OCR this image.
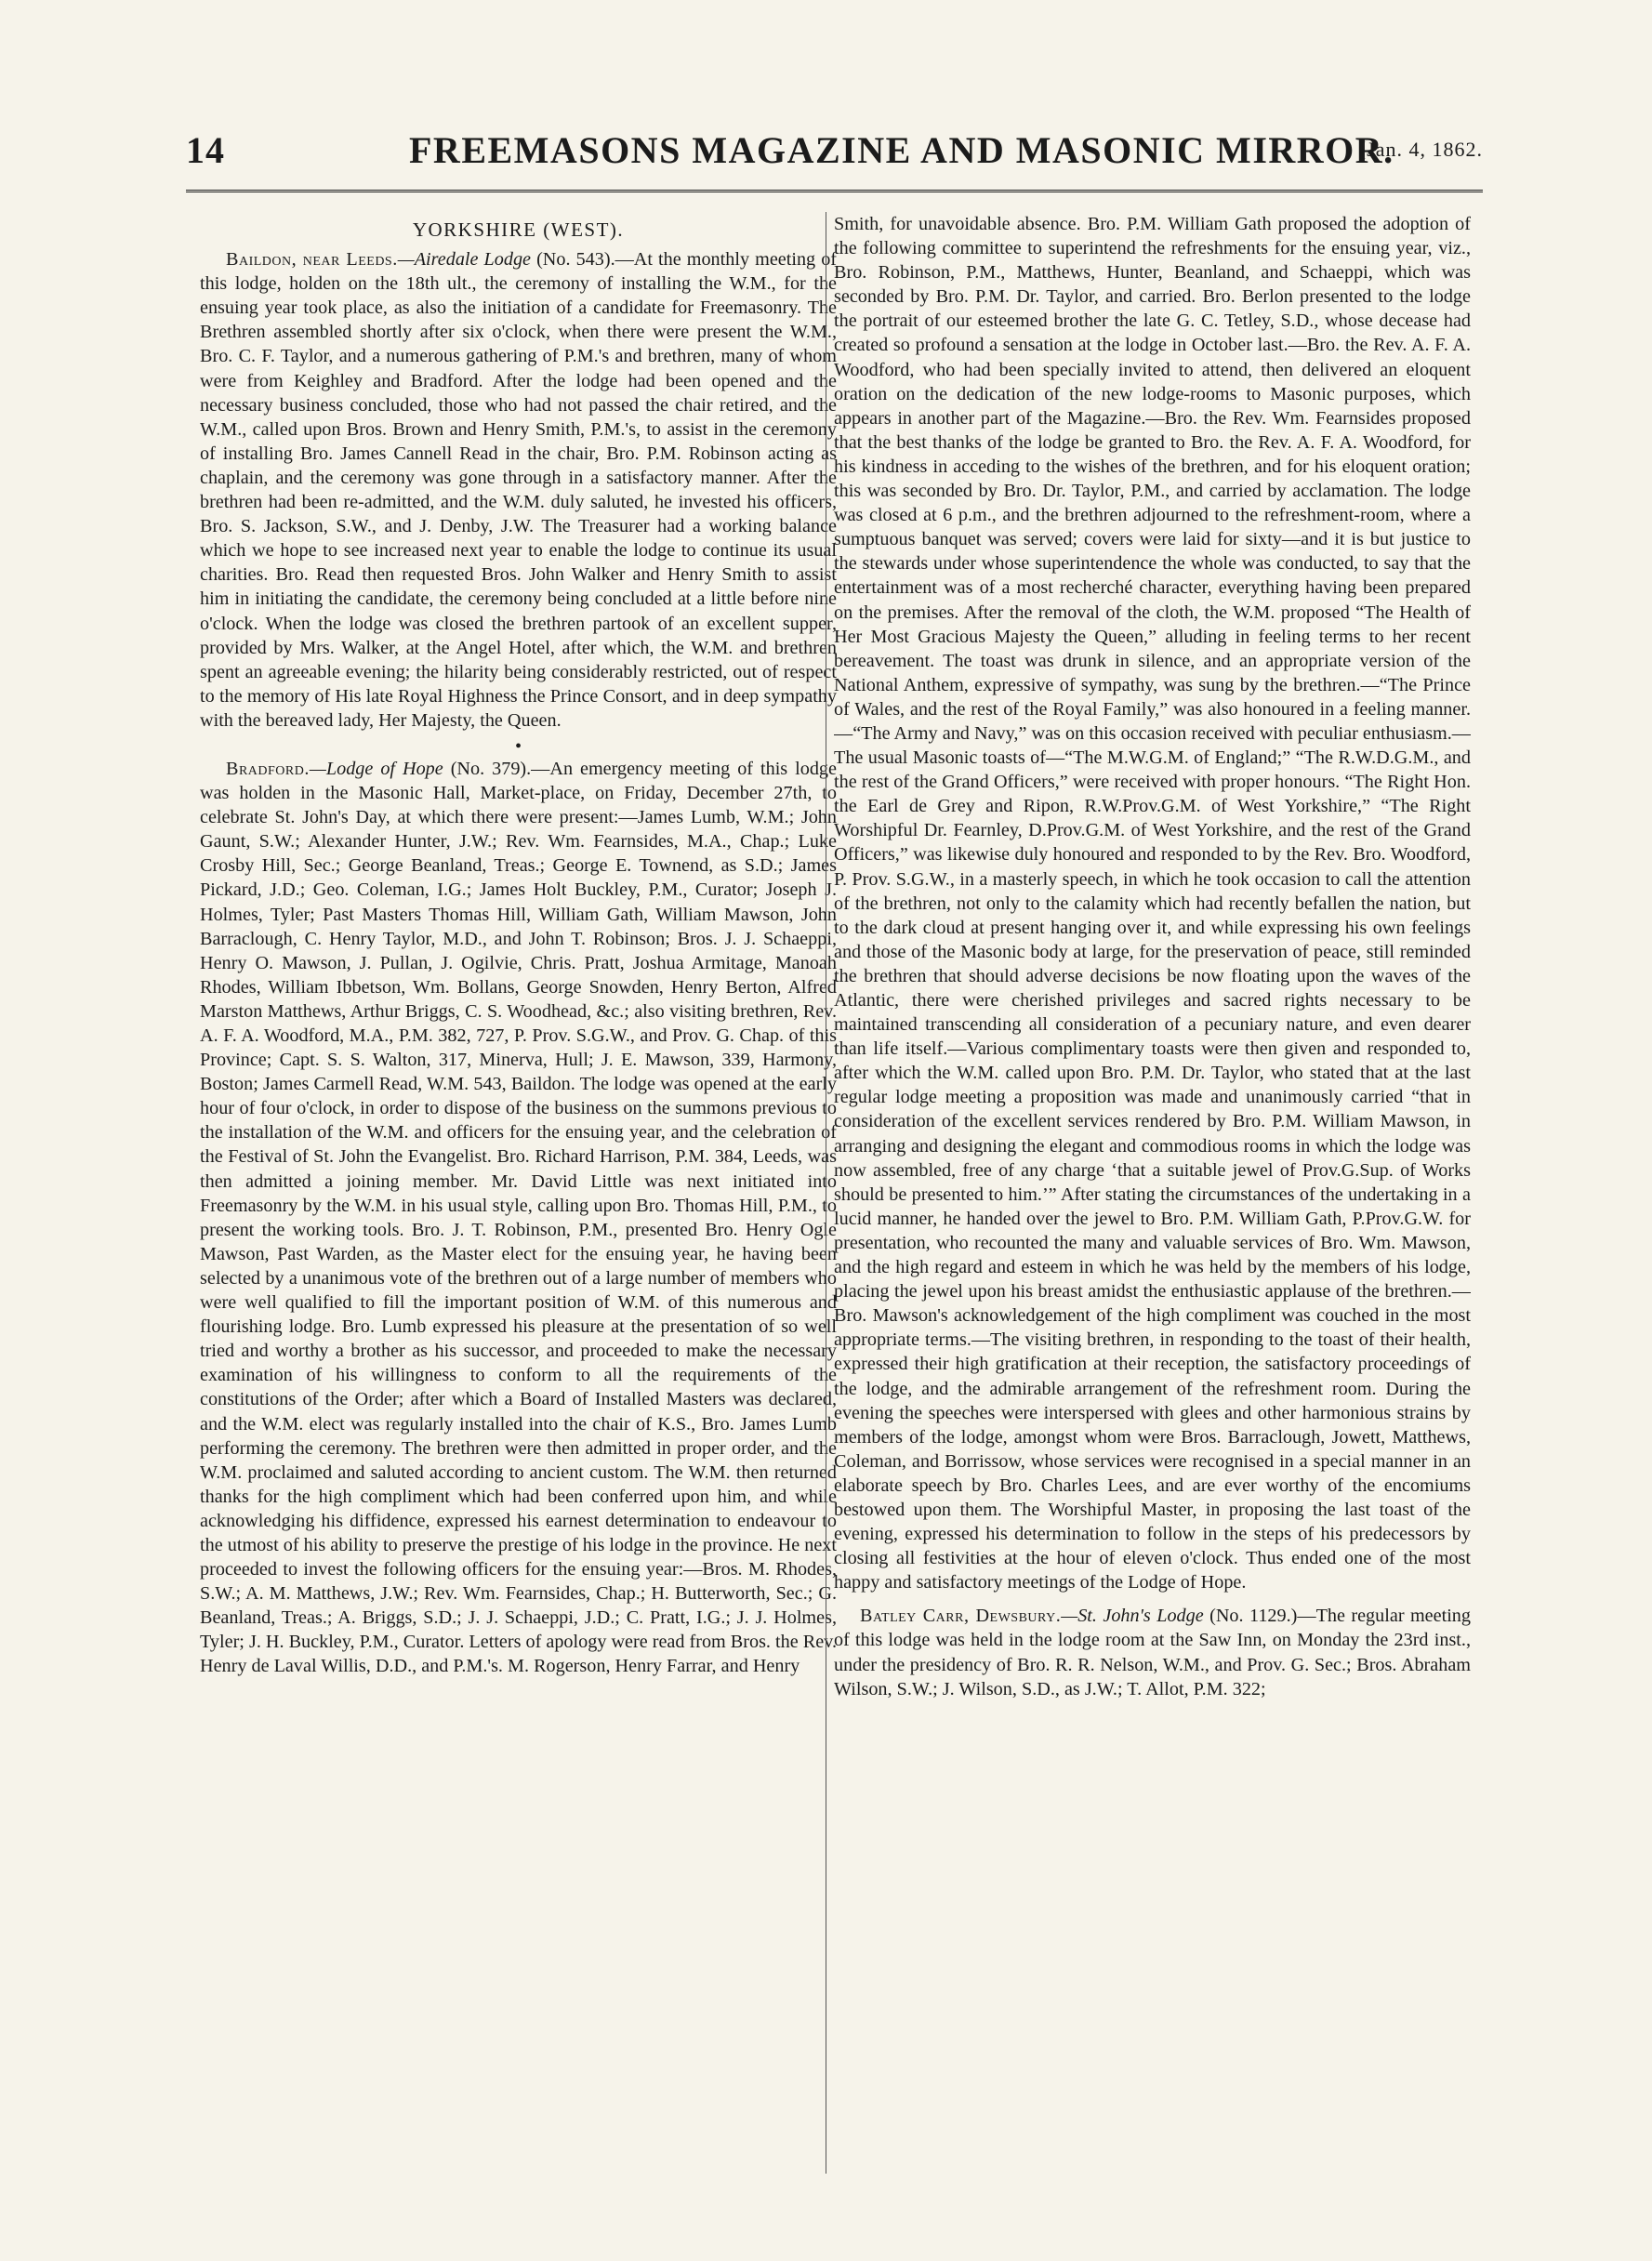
14	FREEMASONS MAGAZINE AND MASONIC MIRROR.
[Jan. 4, 1862.
YORKSHIRE (WEST).

Baildon, near Leeds.—Airedale Lodge (No. 543).—At the monthly meeting of this lodge, holden on the 18th ult., the ceremony of installing the W.M., for the ensuing year took place, as also the initiation of a candidate for Freemasonry. The Brethren assembled shortly after six o'clock, when there were present the W.M., Bro. C. F. Taylor, and a numerous gathering of P.M.'s and brethren, many of whom were from Keighley and Bradford. After the lodge had been opened and the necessary business concluded, those who had not passed the chair retired, and the W.M., called upon Bros. Brown and Henry Smith, P.M.'s, to assist in the ceremony of installing Bro. James Cannell Read in the chair, Bro. P.M. Robinson acting as chaplain, and the ceremony was gone through in a satisfactory manner. After the brethren had been re-admitted, and the W.M. duly saluted, he invested his officers, Bro. S. Jackson, S.W., and J. Denby, J.W. The Treasurer had a working balance which we hope to see increased next year to enable the lodge to continue its usual charities. Bro. Read then requested Bros. John Walker and Henry Smith to assist him in initiating the candidate, the ceremony being concluded at a little before nine o'clock. When the lodge was closed the brethren partook of an excellent supper, provided by Mrs. Walker, at the Angel Hotel, after which, the W.M. and brethren spent an agreeable evening; the hilarity being considerably restricted, out of respect to the memory of His late Royal Highness the Prince Consort, and in deep sympathy with the bereaved lady, Her Majesty, the Queen.

•

Bradford.—Lodge of Hope (No. 379).—An emergency meeting of this lodge was holden in the Masonic Hall, Market-place, on Friday, December 27th, to celebrate St. John's Day, at which there were present:—James Lumb, W.M.; John Gaunt, S.W.; Alexander Hunter, J.W.; Rev. Wm. Fearnsides, M.A., Chap.; Luke Crosby Hill, Sec.; George Beanland, Treas.; George E. Townend, as S.D.; James Pickard, J.D.; Geo. Coleman, I.G.; James Holt Buckley, P.M., Curator; Joseph J. Holmes, Tyler; Past Masters Thomas Hill, William Gath, William Mawson, John Barraclough, C. Henry Taylor, M.D., and John T. Robinson; Bros. J. J. Schaeppi, Henry O. Mawson, J. Pullan, J. Ogilvie, Chris. Pratt, Joshua Armitage, Manoah Rhodes, William Ibbetson, Wm. Bollans, George Snowden, Henry Berton, Alfred Marston Matthews, Arthur Briggs, C. S. Woodhead, &c.; also visiting brethren, Rev. A. F. A. Woodford, M.A., P.M. 382, 727, P. Prov. S.G.W., and Prov. G. Chap. of this Province; Capt. S. S. Walton, 317, Minerva, Hull; J. E. Mawson, 339, Harmony, Boston; James Carmell Read, W.M. 543, Baildon. The lodge was opened at the early hour of four o'clock, in order to dispose of the business on the summons previous to the installation of the W.M. and officers for the ensuing year, and the celebration of the Festival of St. John the Evangelist. Bro. Richard Harrison, P.M. 384, Leeds, was then admitted a joining member. Mr. David Little was next initiated into Freemasonry by the W.M. in his usual style, calling upon Bro. Thomas Hill, P.M., to present the working tools. Bro. J. T. Robinson, P.M., presented Bro. Henry Ogle Mawson, Past Warden, as the Master elect for the ensuing year, he having been selected by a unanimous vote of the brethren out of a large number of members who were well qualified to fill the important position of W.M. of this numerous and flourishing lodge. Bro. Lumb expressed his pleasure at the presentation of so well tried and worthy a brother as his successor, and proceeded to make the necessary examination of his willingness to conform to all the requirements of the constitutions of the Order; after which a Board of Installed Masters was declared, and the W.M. elect was regularly installed into the chair of K.S., Bro. James Lumb performing the ceremony. The brethren were then admitted in proper order, and the W.M. proclaimed and saluted according to ancient custom. The W.M. then returned thanks for the high compliment which had been conferred upon him, and while acknowledging his diffidence, expressed his earnest determination to endeavour to the utmost of his ability to preserve the prestige of his lodge in the province. He next proceeded to invest the following officers for the ensuing year:—Bros. M. Rhodes, S.W.; A. M. Matthews, J.W.; Rev. Wm. Fearnsides, Chap.; H. Butterworth, Sec.; G. Beanland, Treas.; A. Briggs, S.D.; J. J. Schaeppi, J.D.; C. Pratt, I.G.; J. J. Holmes, Tyler; J. H. Buckley, P.M., Curator. Letters of apology were read from Bros. the Rev. Henry de Laval Willis, D.D., and P.M.'s. M. Rogerson, Henry Farrar, and Henry

Smith, for unavoidable absence. Bro. P.M. William Gath proposed the adoption of the following committee to superintend the refreshments for the ensuing year, viz., Bro. Robinson, P.M., Matthews, Hunter, Beanland, and Schaeppi, which was seconded by Bro. P.M. Dr. Taylor, and carried. Bro. Berlon presented to the lodge the portrait of our esteemed brother the late G. C. Tetley, S.D., whose decease had created so profound a sensation at the lodge in October last.—Bro. the Rev. A. F. A. Woodford, who had been specially invited to attend, then delivered an eloquent oration on the dedication of the new lodge-rooms to Masonic purposes, which appears in another part of the Magazine.—Bro. the Rev. Wm. Fearnsides proposed that the best thanks of the lodge be granted to Bro. the Rev. A. F. A. Woodford, for his kindness in acceding to the wishes of the brethren, and for his eloquent oration; this was seconded by Bro. Dr. Taylor, P.M., and carried by acclamation. The lodge was closed at 6 p.m., and the brethren adjourned to the refreshment-room, where a sumptuous banquet was served; covers were laid for sixty—and it is but justice to the stewards under whose superintendence the whole was conducted, to say that the entertainment was of a most recherché character, everything having been prepared on the premises. After the removal of the cloth, the W.M. proposed “The Health of Her Most Gracious Majesty the Queen,” alluding in feeling terms to her recent bereavement. The toast was drunk in silence, and an appropriate version of the National Anthem, expressive of sympathy, was sung by the brethren.—“The Prince of Wales, and the rest of the Royal Family,” was also honoured in a feeling manner.—“The Army and Navy,” was on this occasion received with peculiar enthusiasm.—The usual Masonic toasts of—“The M.W.G.M. of England;” “The R.W.D.G.M., and the rest of the Grand Officers,” were received with proper honours. “The Right Hon. the Earl de Grey and Ripon, R.W.Prov.G.M. of West Yorkshire,” “The Right Worshipful Dr. Fearnley, D.Prov.G.M. of West Yorkshire, and the rest of the Grand Officers,” was likewise duly honoured and responded to by the Rev. Bro. Woodford, P. Prov. S.G.W., in a masterly speech, in which he took occasion to call the attention of the brethren, not only to the calamity which had recently befallen the nation, but to the dark cloud at present hanging over it, and while expressing his own feelings and those of the Masonic body at large, for the preservation of peace, still reminded the brethren that should adverse decisions be now floating upon the waves of the Atlantic, there were cherished privileges and sacred rights necessary to be maintained transcending all consideration of a pecuniary nature, and even dearer than life itself.—Various complimentary toasts were then given and responded to, after which the W.M. called upon Bro. P.M. Dr. Taylor, who stated that at the last regular lodge meeting a proposition was made and unanimously carried “that in consideration of the excellent services rendered by Bro. P.M. William Mawson, in arranging and designing the elegant and commodious rooms in which the lodge was now assembled, free of any charge ‘that a suitable jewel of Prov.G.Sup. of Works should be presented to him.’” After stating the circumstances of the undertaking in a lucid manner, he handed over the jewel to Bro. P.M. William Gath, P.Prov.G.W. for presentation, who recounted the many and valuable services of Bro. Wm. Mawson, and the high regard and esteem in which he was held by the members of his lodge, placing the jewel upon his breast amidst the enthusiastic applause of the brethren.—Bro. Mawson's acknowledgement of the high compliment was couched in the most appropriate terms.—The visiting brethren, in responding to the toast of their health, expressed their high gratification at their reception, the satisfactory proceedings of the lodge, and the admirable arrangement of the refreshment room. During the evening the speeches were interspersed with glees and other harmonious strains by members of the lodge, amongst whom were Bros. Barraclough, Jowett, Matthews, Coleman, and Borrissow, whose services were recognised in a special manner in an elaborate speech by Bro. Charles Lees, and are ever worthy of the encomiums bestowed upon them. The Worshipful Master, in proposing the last toast of the evening, expressed his determination to follow in the steps of his predecessors by closing all festivities at the hour of eleven o'clock. Thus ended one of the most happy and satisfactory meetings of the Lodge of Hope.

Batley Carr, Dewsbury.—St. John's Lodge (No. 1129.)—The regular meeting of this lodge was held in the lodge room at the Saw Inn, on Monday the 23rd inst., under the presidency of Bro. R. R. Nelson, W.M., and Prov. G. Sec.; Bros. Abraham Wilson, S.W.; J. Wilson, S.D., as J.W.; T. Allot, P.M. 322;
